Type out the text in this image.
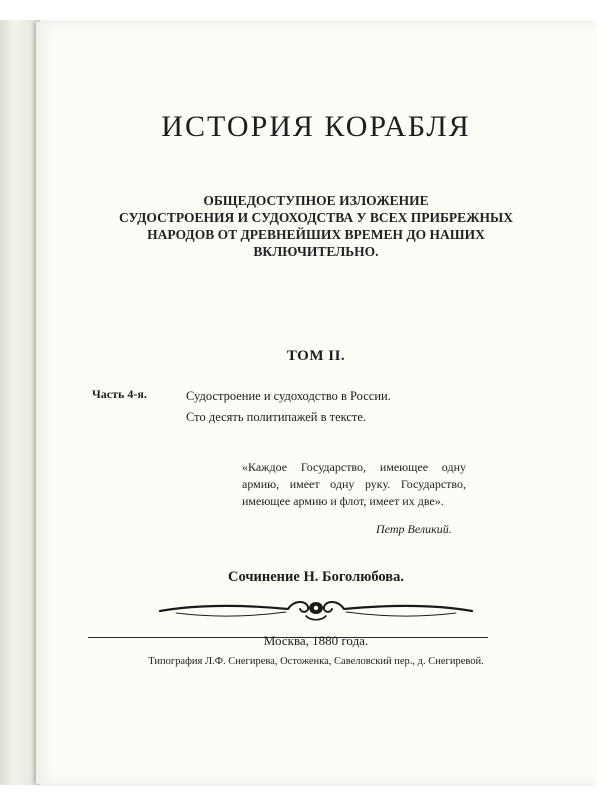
ИСТОРИЯ КОРАБЛЯ
ОБЩЕДОСТУПНОЕ ИЗЛОЖЕНИЕ
СУДОСТРОЕНИЯ И СУДОХОДСТВА У ВСЕХ ПРИБРЕЖНЫХ
НАРОДОВ ОТ ДРЕВНЕЙШИХ ВРЕМЕН ДО НАШИХ
ВКЛЮЧИТЕЛЬНО.
ТОМ II.
Часть 4-я.	Судостроение и судоходство в России.
Сто десять политипажей в тексте.
«Каждое Государство, имеющее одну армию, имеет одну руку. Государство, имеющее армию и флот, имеет их две».
Петр Великий.
Сочинение Н. Боголюбова.
Москва, 1880 года.
Типография Л.Ф. Снегирева, Остоженка, Савеловский пер., д. Снегиревой.
